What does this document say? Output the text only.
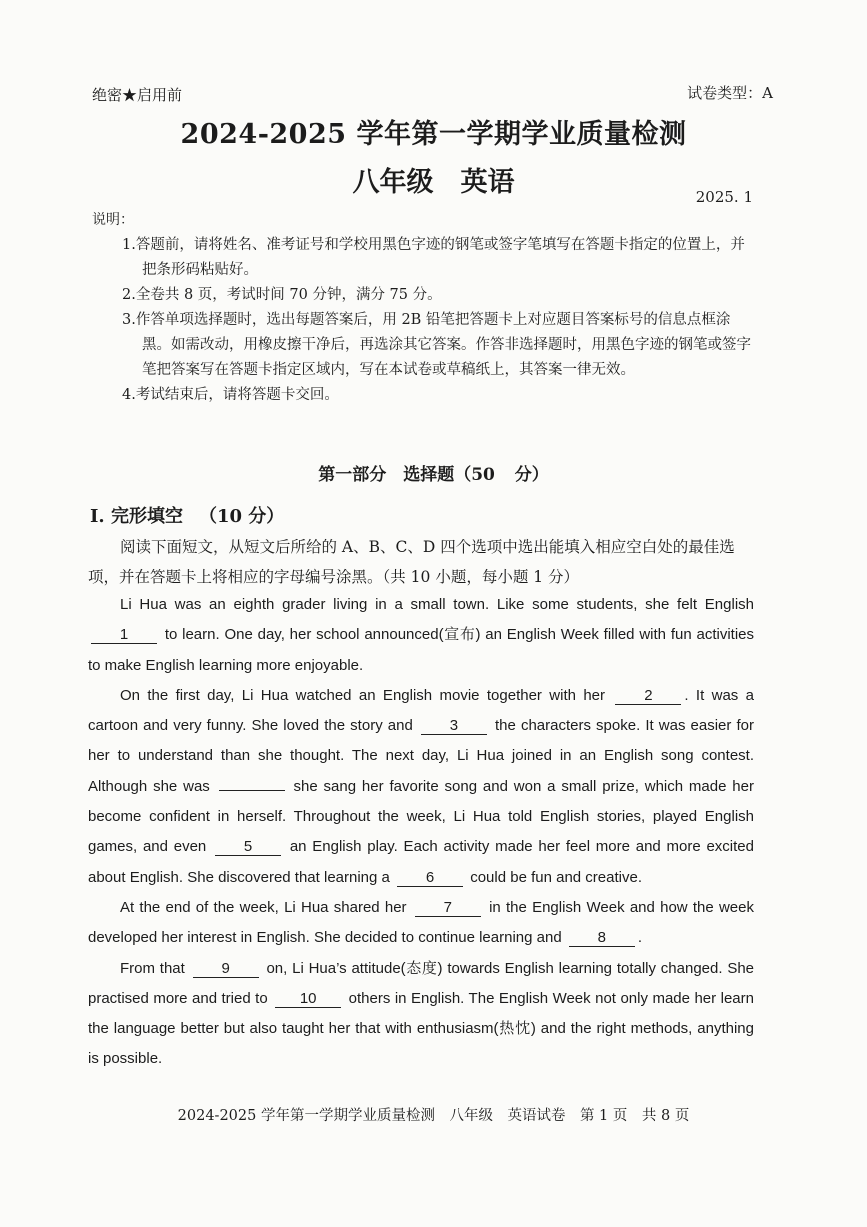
绝密★启用前	试卷类型：A
2024-2025 学年第一学期学业质量检测
八年级　英语	2025. 1
说明：
1.答题前，请将姓名、准考证号和学校用黑色字迹的钢笔或签字笔填写在答题卡指定的位置上，并把条形码粘贴好。
2.全卷共 8 页，考试时间 70 分钟，满分 75 分。
3.作答单项选择题时，选出每题答案后，用 2B 铅笔把答题卡上对应题目答案标号的信息点框涂黑。如需改动，用橡皮擦干净后，再选涂其它答案。作答非选择题时，用黑色字迹的钢笔或签字笔把答案写在答题卡指定区域内，写在本试卷或草稿纸上，其答案一律无效。
4.考试结束后，请将答题卡交回。
第一部分　选择题（50 分）
I. 完形填空 （10 分）
阅读下面短文，从短文后所给的 A、B、C、D 四个选项中选出能填入相应空白处的最佳选项，并在答题卡上将相应的字母编号涂黑。（共 10 小题，每小题 1 分）

Li Hua was an eighth grader living in a small town. Like some students, she felt English 1 to learn. One day, her school announced(宣布) an English Week filled with fun activities to make English learning more enjoyable.

On the first day, Li Hua watched an English movie together with her	2 . It was a cartoon and very funny. She loved the story and 3 the characters spoke. It was easier for her to understand than she thought. The next day, Li Hua joined in an English song contest. Although she was	she sang her favorite song and won a small prize, which made her become confident in herself. Throughout the week, Li Hua told English stories, played English games, and even	5	an English play. Each activity made her feel more and more excited about English. She discovered that learning a 6 could be fun and creative.

At the end of the week, Li Hua shared her 7 in the English Week and how the week developed her interest in English. She decided to continue learning and 8 .

From that 9 on, Li Hua’s attitude(态度) towards English learning totally changed. She practised more and tried to 10 others in English. The English Week not only made her learn the language better but also taught her that with enthusiasm(热忱) and the right methods, anything is possible.

2024-2025 学年第一学期学业质量检测　八年级　英语试卷　第 1 页　共 8 页
